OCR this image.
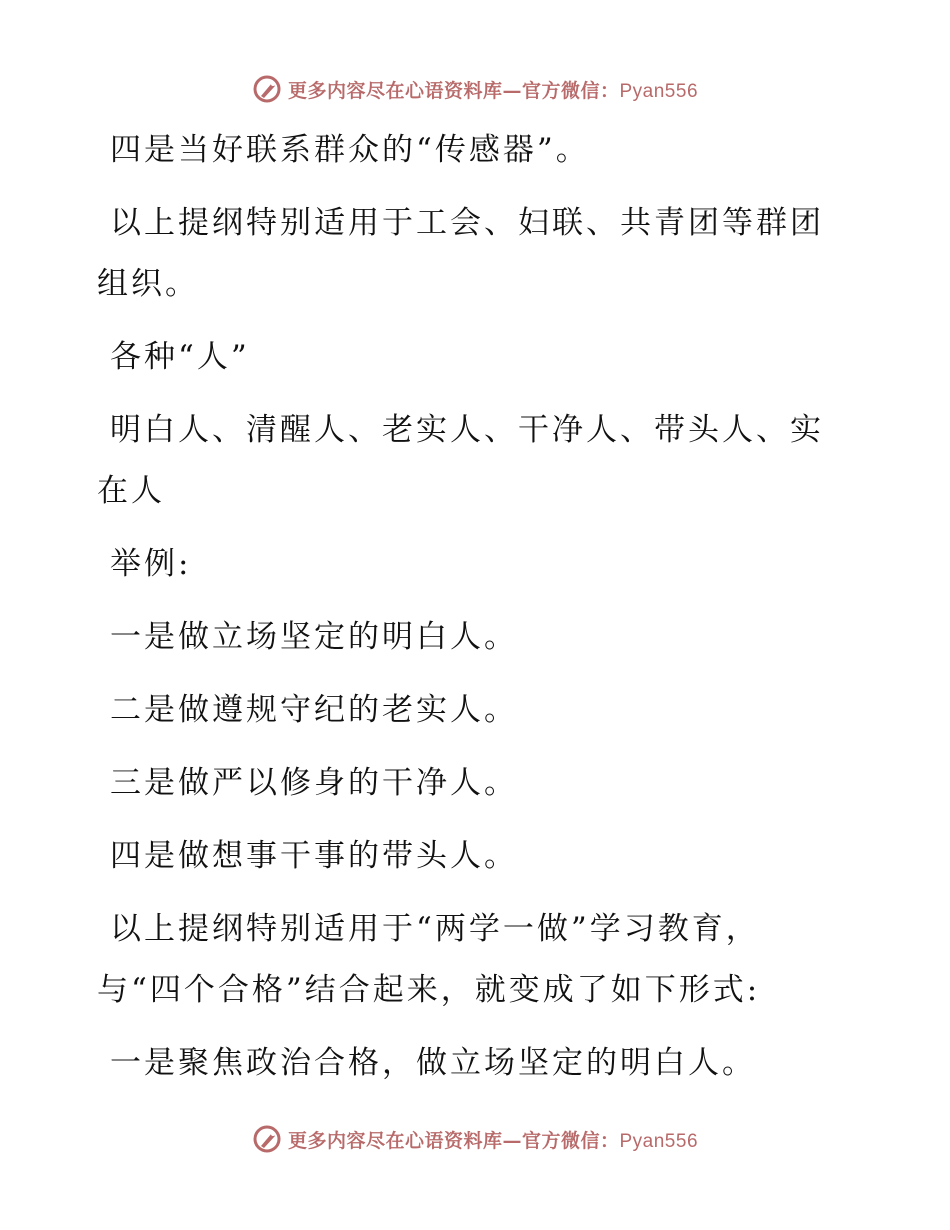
更多内容尽在心语资料库—官方微信：Pyan556

四是当好联系群众的“传感器”。

以上提纲特别适用于工会、妇联、共青团等群团组织。

各种“人”

明白人、清醒人、老实人、干净人、带头人、实在人

举例:

一是做立场坚定的明白人。

二是做遵规守纪的老实人。

三是做严以修身的干净人。

四是做想事干事的带头人。

以上提纲特别适用于“两学一做”学习教育，与“四个合格”结合起来，就变成了如下形式:

一是聚焦政治合格，做立场坚定的明白人。

更多内容尽在心语资料库—官方微信：Pyan556
